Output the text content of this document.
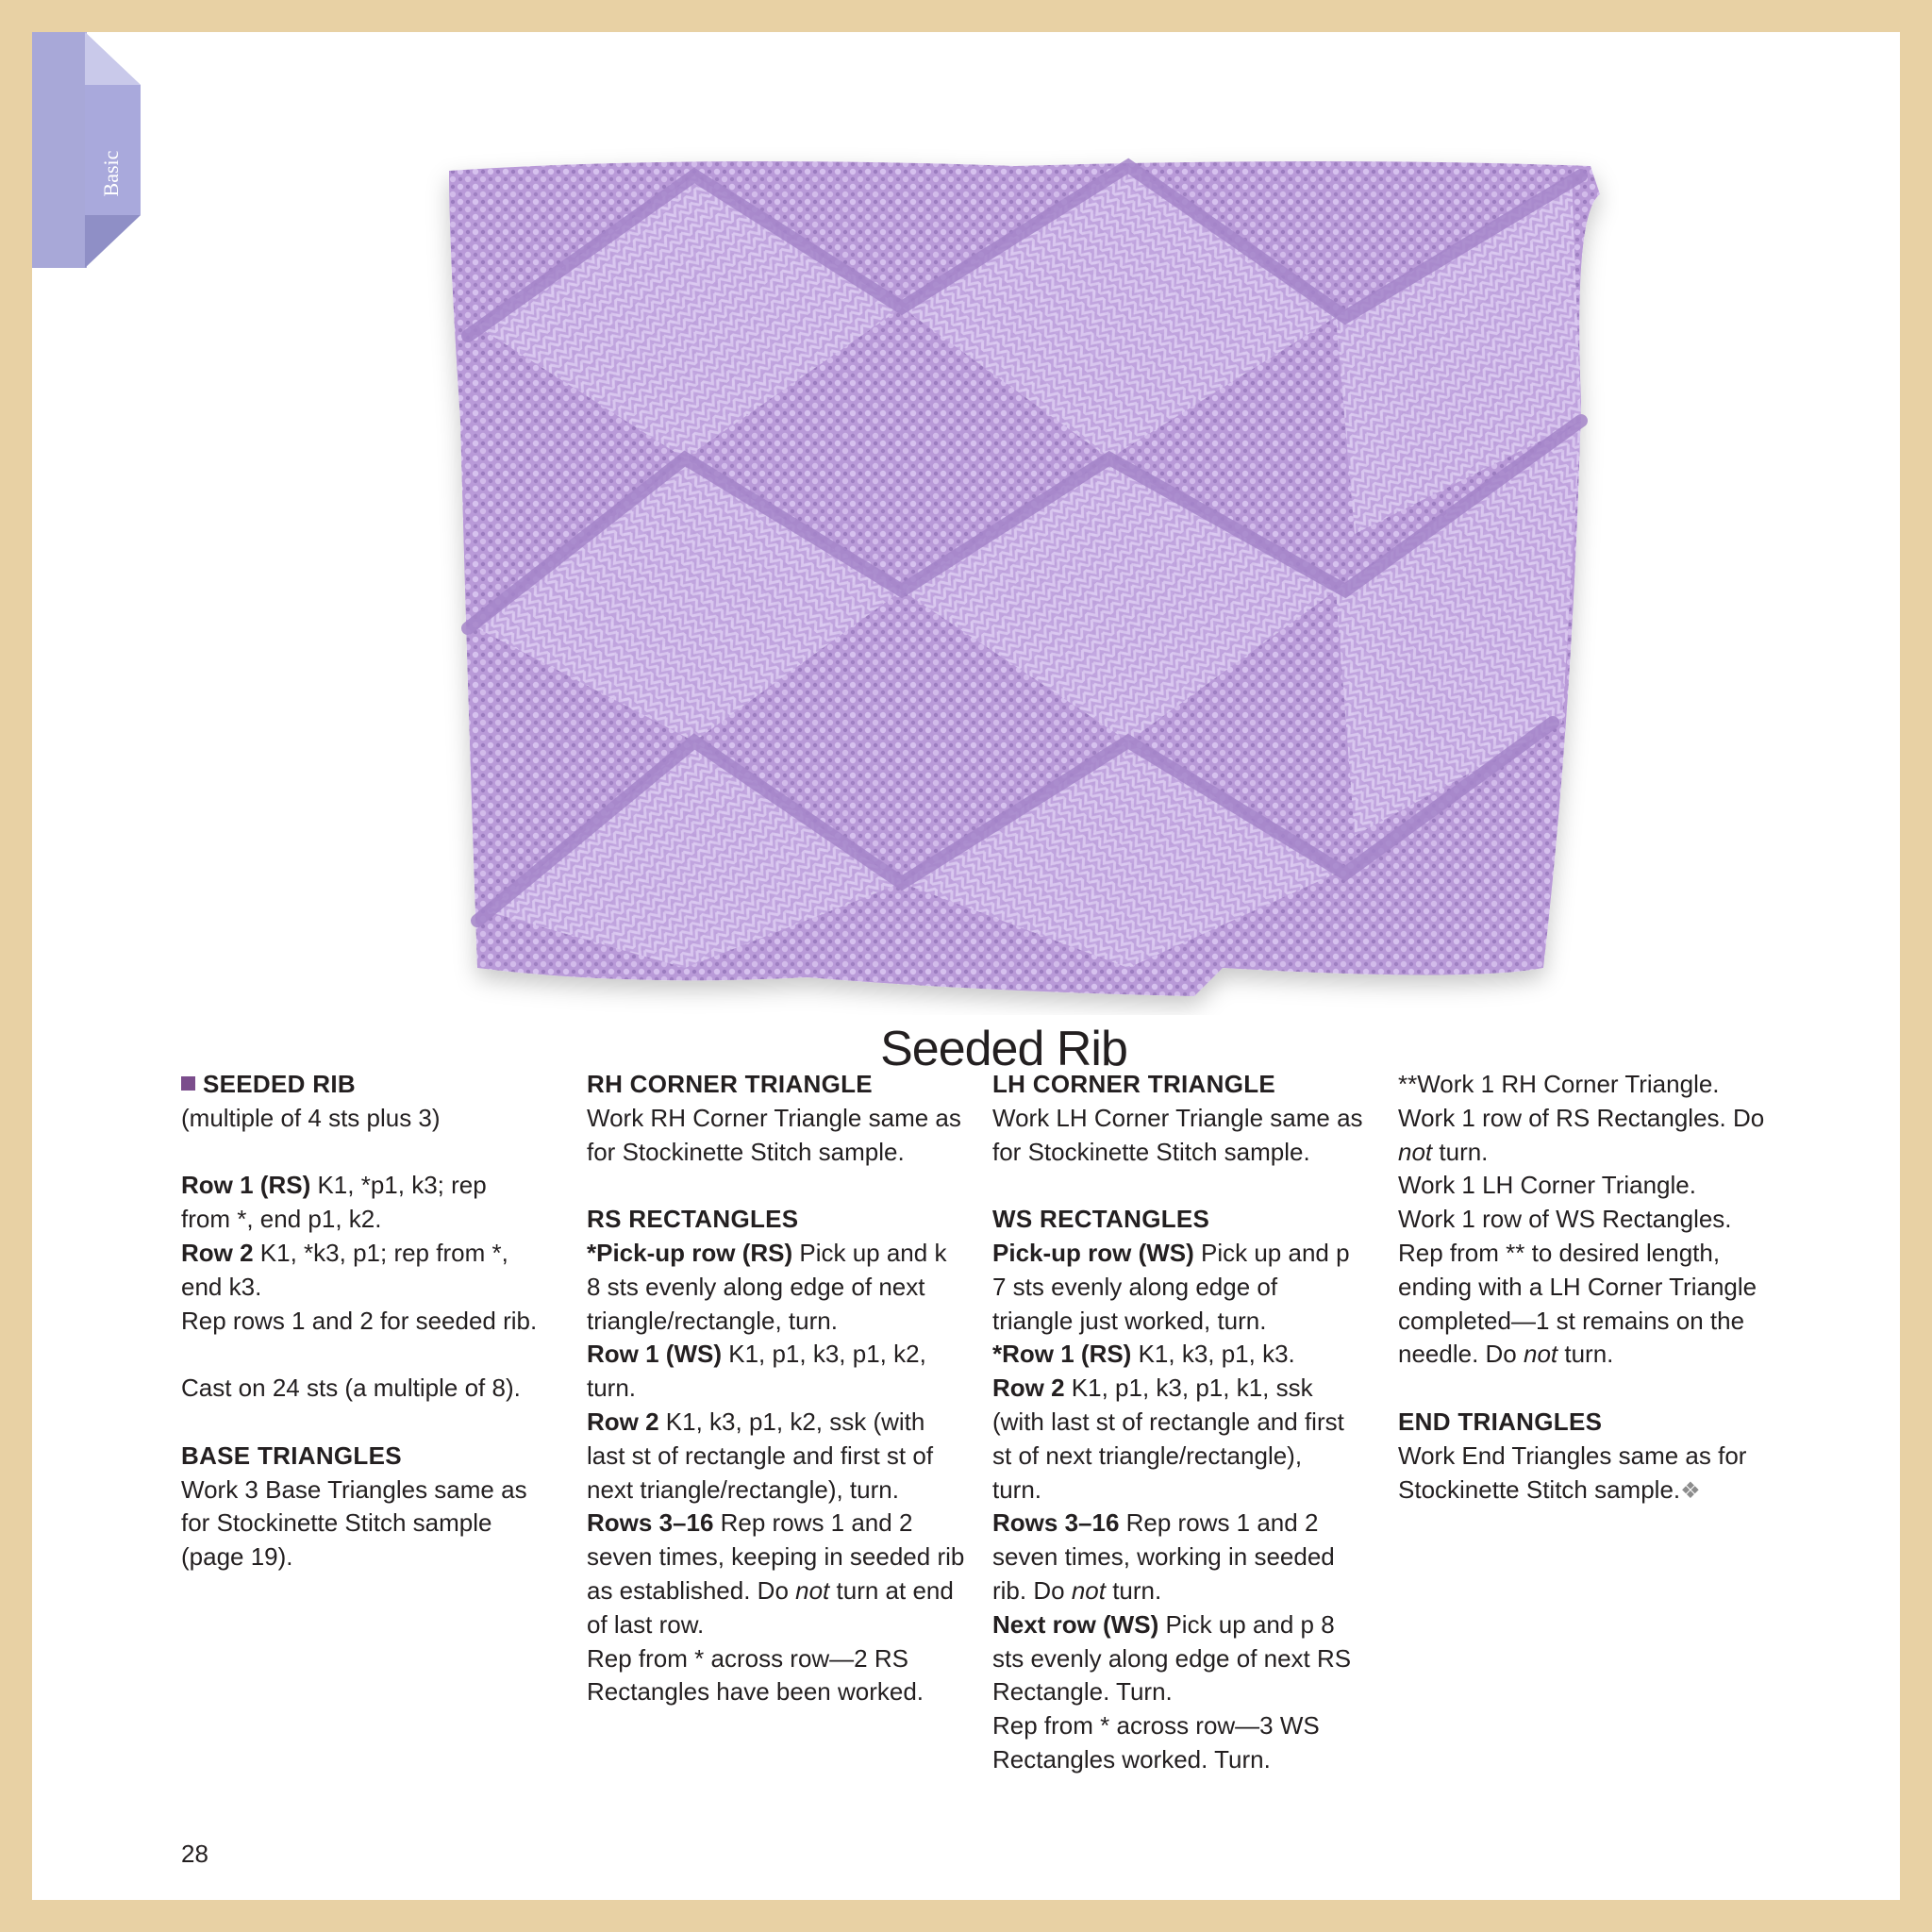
Basic
Seeded Rib

SEEDED RIB

(multiple of 4 sts plus 3)

Row 1 (RS) K1, *p1, k3; rep

from *, end p1, k2.

Row 2 K1, *k3, p1; rep from *,

end k3.

Rep rows 1 and 2 for seeded rib.

Cast on 24 sts (a multiple of 8).

BASE TRIANGLES

Work 3 Base Triangles same as

for Stockinette Stitch sample

(page 19).

RH CORNER TRIANGLE

Work RH Corner Triangle same as

for Stockinette Stitch sample.

RS RECTANGLES

*Pick-up row (RS) Pick up and k

8 sts evenly along edge of next

triangle/rectangle, turn.

Row 1 (WS) K1, p1, k3, p1, k2,

turn.

Row 2 K1, k3, p1, k2, ssk (with

last st of rectangle and first st of

next triangle/rectangle), turn.

Rows 3–16 Rep rows 1 and 2

seven times, keeping in seeded rib

as established. Do not turn at end

of last row.

Rep from * across row—2 RS

Rectangles have been worked.

LH CORNER TRIANGLE

Work LH Corner Triangle same as

for Stockinette Stitch sample.

WS RECTANGLES

Pick-up row (WS) Pick up and p

7 sts evenly along edge of

triangle just worked, turn.

*Row 1 (RS) K1, k3, p1, k3.

Row 2 K1, p1, k3, p1, k1, ssk

(with last st of rectangle and first

st of next triangle/rectangle),

turn.

Rows 3–16 Rep rows 1 and 2

seven times, working in seeded

rib. Do not turn.

Next row (WS) Pick up and p 8

sts evenly along edge of next RS

Rectangle. Turn.

Rep from * across row—3 WS

Rectangles worked. Turn.

**Work 1 RH Corner Triangle.

Work 1 row of RS Rectangles. Do

not turn.

Work 1 LH Corner Triangle.

Work 1 row of WS Rectangles.

Rep from ** to desired length,

ending with a LH Corner Triangle

completed—1 st remains on the

needle. Do not turn.

END TRIANGLES

Work End Triangles same as for

Stockinette Stitch sample.❖

28
